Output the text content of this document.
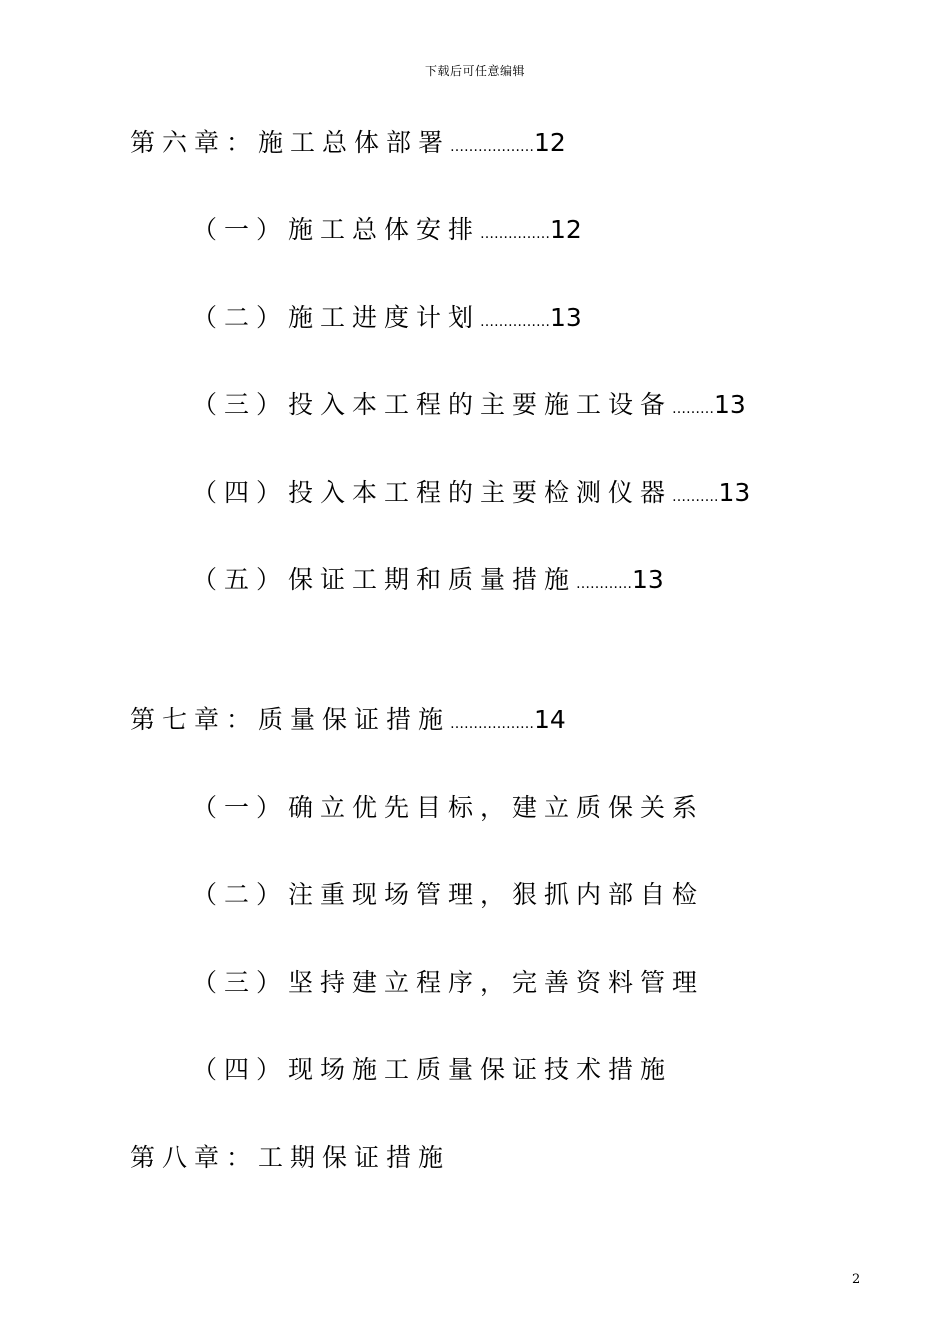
下载后可任意编辑
第六章：施工总体部署………………12
（一）施工总体安排……………12
（二）施工进度计划……………13
（三）投入本工程的主要施工设备………13
（四）投入本工程的主要检测仪器……….13
（五）保证工期和质量措施…………13
第七章：质量保证措施………………14
（一）确立优先目标，建立质保关系
（二）注重现场管理，狠抓内部自检
（三）坚持建立程序，完善资料管理
（四）现场施工质量保证技术措施
第八章：工期保证措施
2
